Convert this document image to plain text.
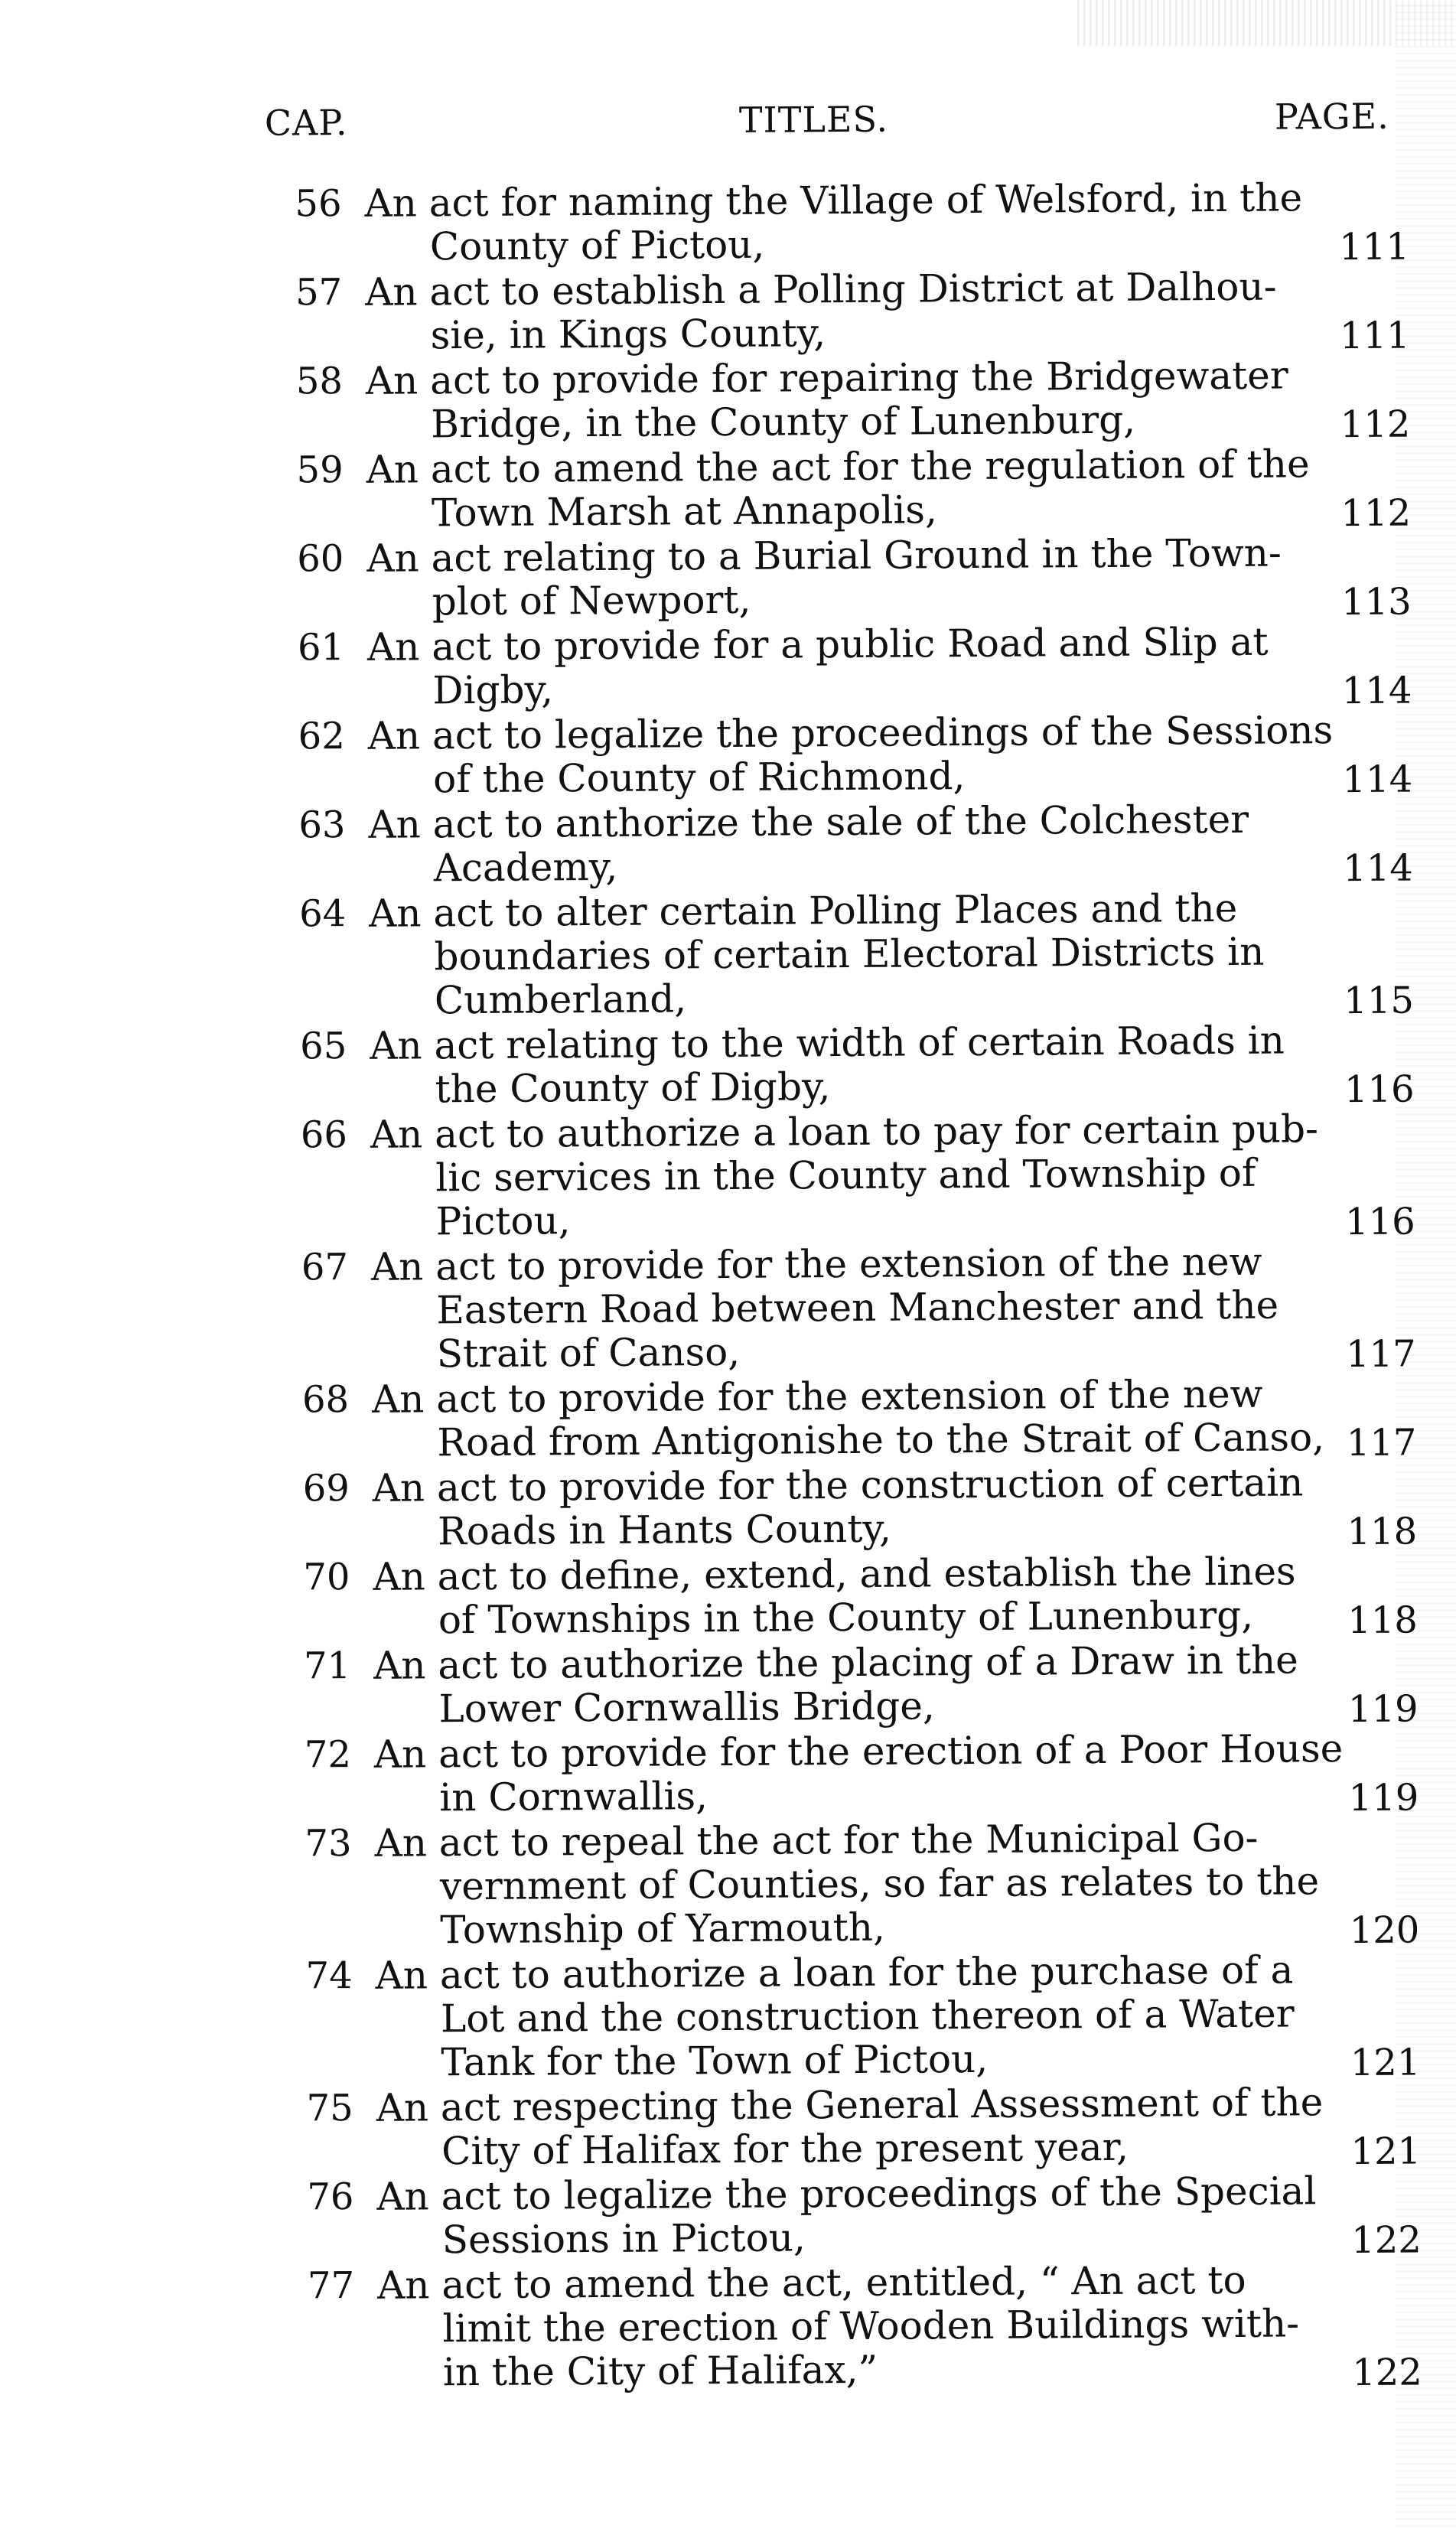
CAP.	TITLES.	PAGE.
56 An act for naming the Village of Welsford, in the
County of Pictou,	111
57 An act to establish a Polling District at Dalhou-
sie, in Kings County,	111
58 An act to provide for repairing the Bridgewater
Bridge, in the County of Lunenburg,	112
59 An act to amend the act for the regulation of the
Town Marsh at Annapolis,	112
60 An act relating to a Burial Ground in the Town-
plot of Newport,	113
61 An act to provide for a public Road and Slip at
Digby,	114
62 An act to legalize the proceedings of the Sessions
of the County of Richmond,	114
63 An act to anthorize the sale of the Colchester
Academy,	114
64 An act to alter certain Polling Places and the
boundaries of certain Electoral Districts in
Cumberland,	115
65 An act relating to the width of certain Roads in
the County of Digby,	116
66 An act to authorize a loan to pay for certain pub-
lic services in the County and Township of
Pictou,	116
67 An act to provide for the extension of the new
Eastern Road between Manchester and the
Strait of Canso,	117
68 An act to provide for the extension of the new
Road from Antigonishe to the Strait of Canso, 117
69 An act to provide for the construction of certain
Roads in Hants County,	118
70 An act to define, extend, and establish the lines
of Townships in the County of Lunenburg,	118
71 An act to authorize the placing of a Draw in the
Lower Cornwallis Bridge,	119
72 An act to provide for the erection of a Poor House
in Cornwallis,	119
73 An act to repeal the act for the Municipal Go-
vernment of Counties, so far as relates to the
Township of Yarmouth,	120
74 An act to authorize a loan for the purchase of a
Lot and the construction thereon of a Water
Tank for the Town of Pictou,	121
75 An act respecting the General Assessment of the
City of Halifax for the present year,	121
76 An act to legalize the proceedings of the Special
Sessions in Pictou,	122
77 An act to amend the act, entitled, “ An act to
limit the erection of Wooden Buildings with-
in the City of Halifax,”	122
